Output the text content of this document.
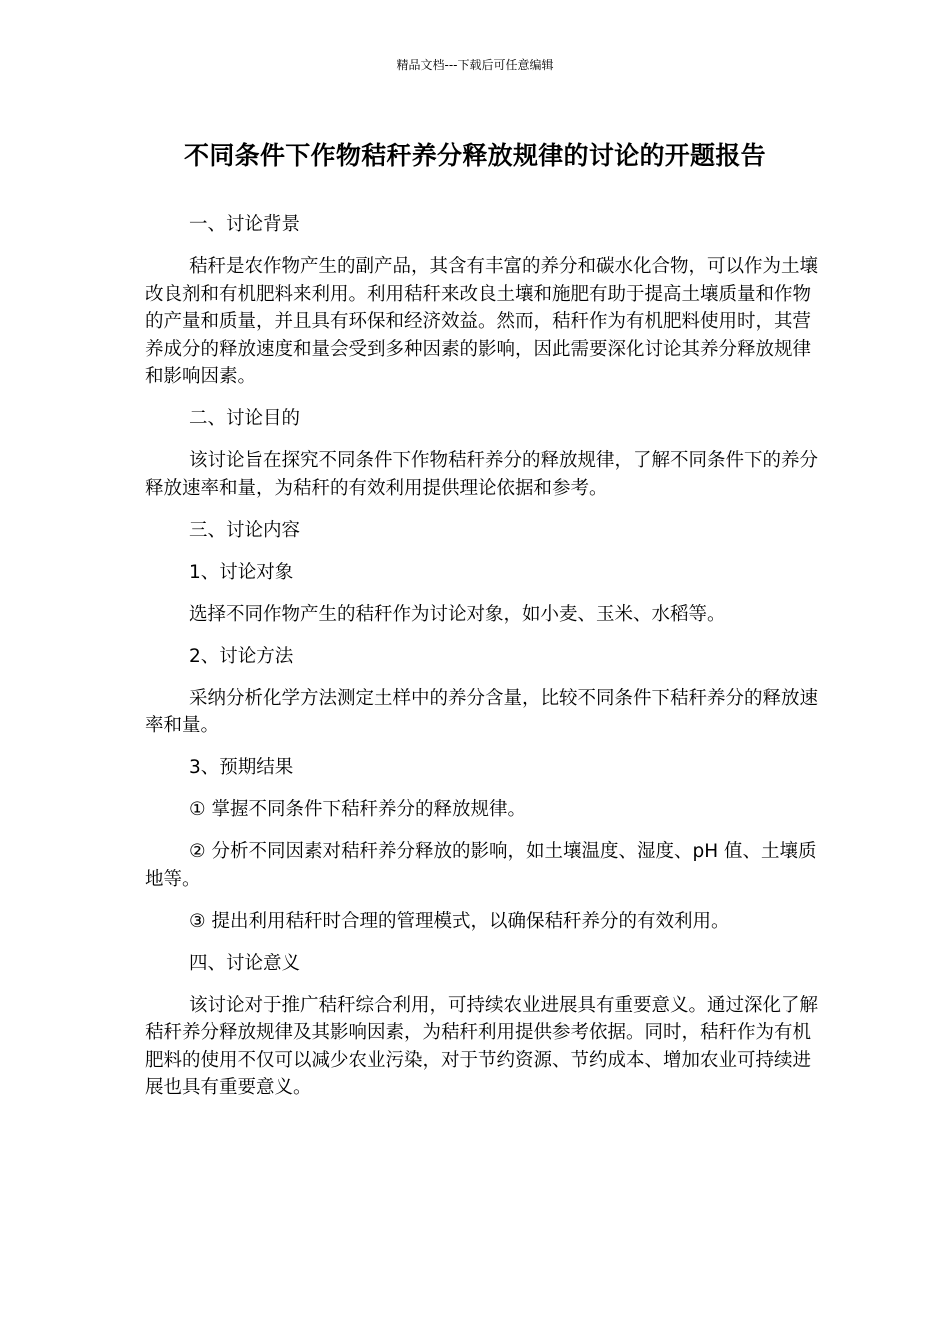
精品文档---下载后可任意编辑
不同条件下作物秸秆养分释放规律的讨论的开题报告

一、讨论背景

秸秆是农作物产生的副产品，其含有丰富的养分和碳水化合物，可以作为土壤改良剂和有机肥料来利用。利用秸秆来改良土壤和施肥有助于提高土壤质量和作物的产量和质量，并且具有环保和经济效益。然而，秸秆作为有机肥料使用时，其营养成分的释放速度和量会受到多种因素的影响，因此需要深化讨论其养分释放规律和影响因素。

二、讨论目的

该讨论旨在探究不同条件下作物秸秆养分的释放规律，了解不同条件下的养分释放速率和量，为秸秆的有效利用提供理论依据和参考。

三、讨论内容

1、讨论对象

选择不同作物产生的秸秆作为讨论对象，如小麦、玉米、水稻等。

2、讨论方法

采纳分析化学方法测定土样中的养分含量，比较不同条件下秸秆养分的释放速率和量。

3、预期结果

① 掌握不同条件下秸秆养分的释放规律。

② 分析不同因素对秸秆养分释放的影响，如土壤温度、湿度、pH 值、土壤质地等。

③ 提出利用秸秆时合理的管理模式，以确保秸秆养分的有效利用。

四、讨论意义

该讨论对于推广秸秆综合利用，可持续农业进展具有重要意义。通过深化了解秸秆养分释放规律及其影响因素，为秸秆利用提供参考依据。同时，秸秆作为有机肥料的使用不仅可以减少农业污染，对于节约资源、节约成本、增加农业可持续进展也具有重要意义。
